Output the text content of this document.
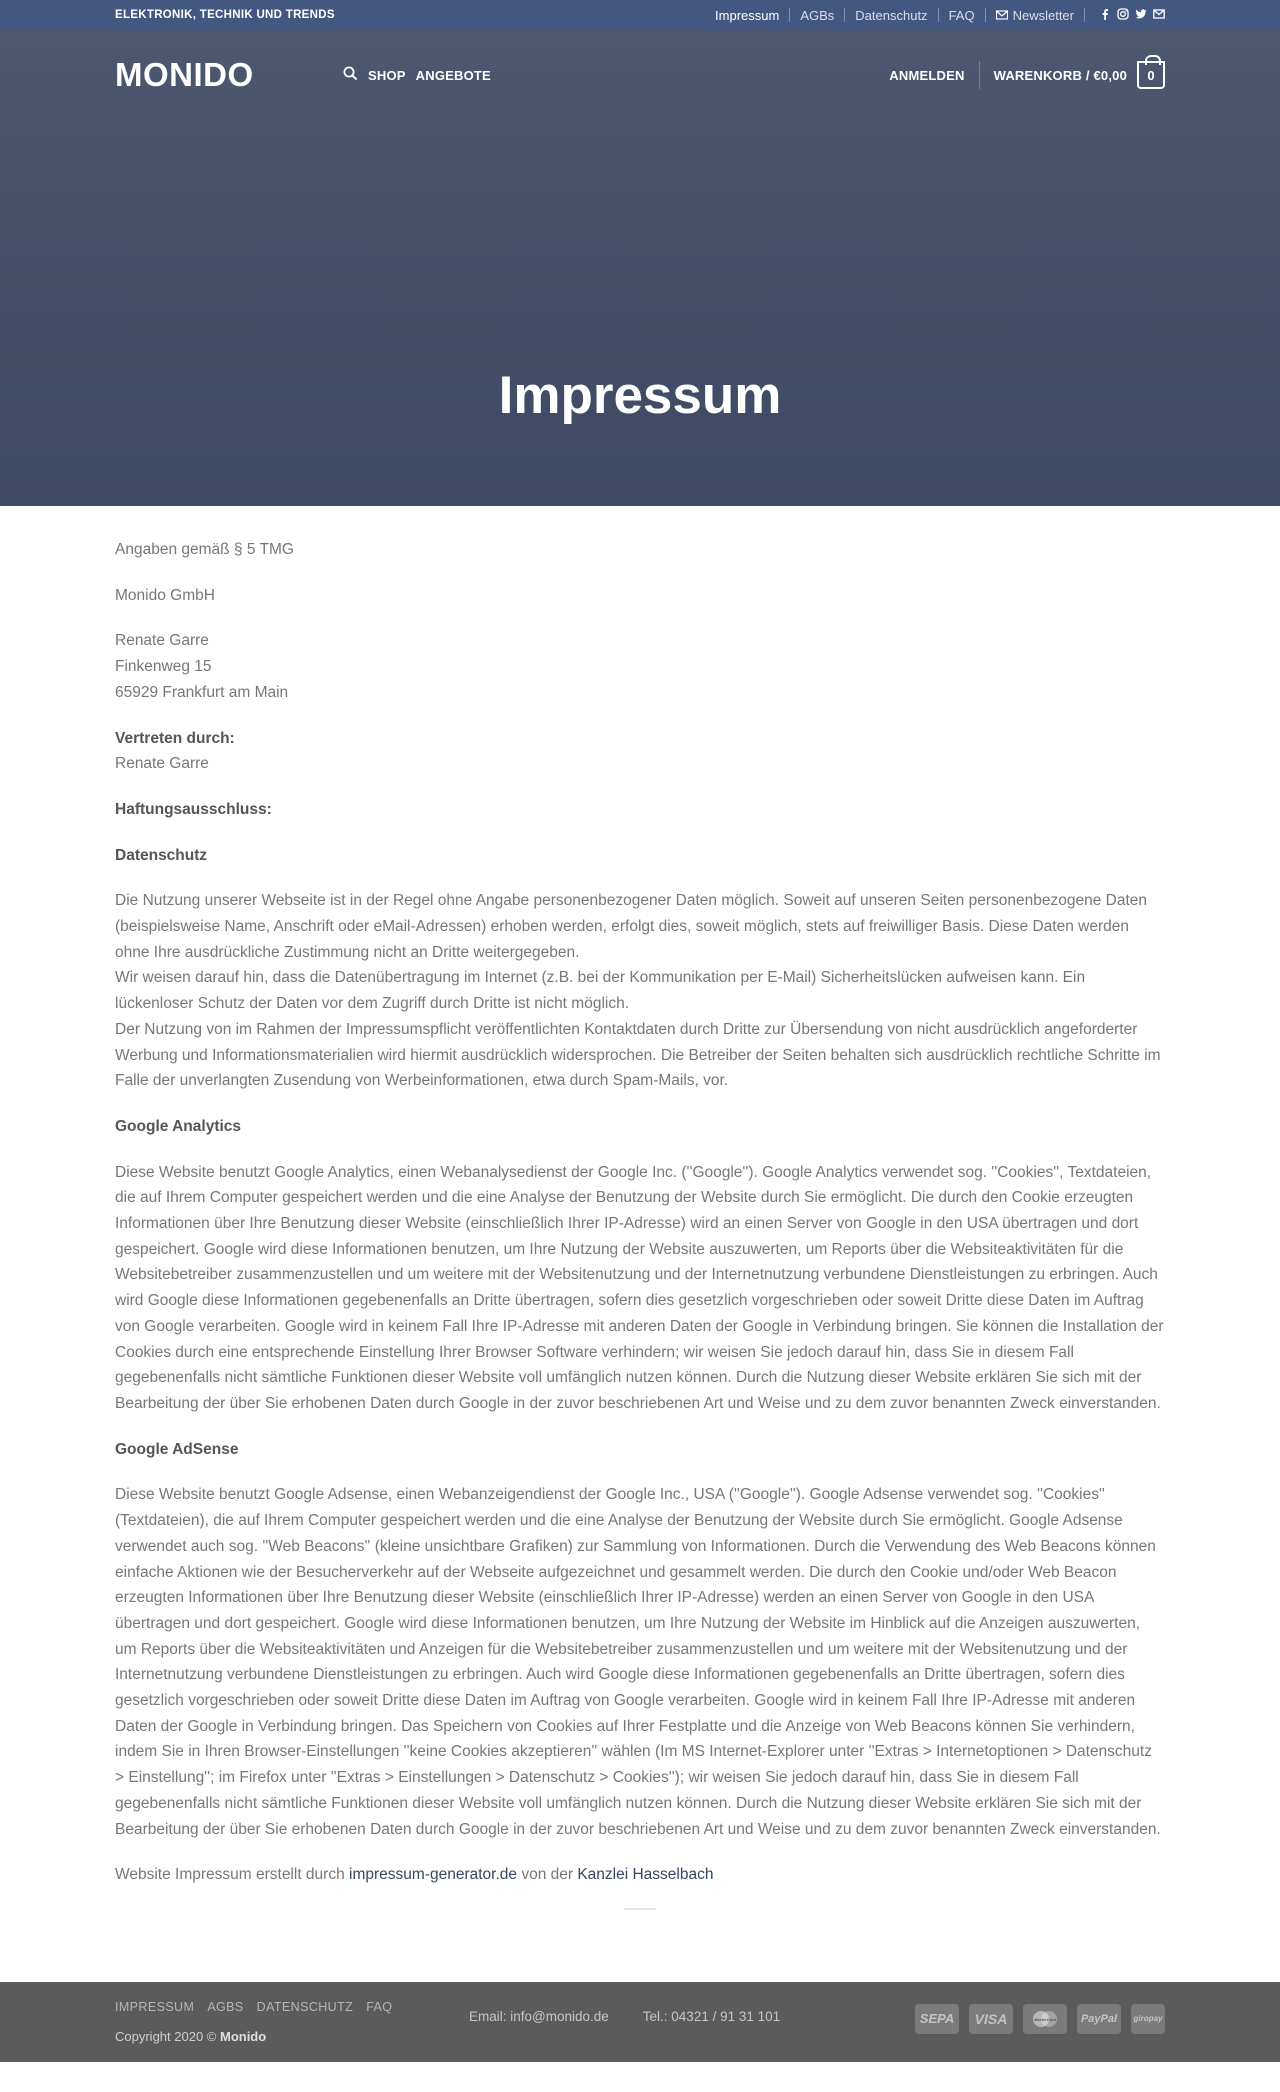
ELEKTRONIK, TECHNIK UND TRENDS	Impressum AGBs Datenschutz FAQ	Newsletter
MONIDO	SHOP ANGEBOTE	ANMELDEN WARENKORB / €0,00 0
Impressum

Angaben gemäß § 5 TMG

Monido GmbH

Renate Garre
Finkenweg 15
65929 Frankfurt am Main

Vertreten durch:
Renate Garre

Haftungsausschluss:

Datenschutz

Die Nutzung unserer Webseite ist in der Regel ohne Angabe personenbezogener Daten möglich. Soweit auf unseren Seiten personenbezogene Daten (beispielsweise Name, Anschrift oder eMail-Adressen) erhoben werden, erfolgt dies, soweit möglich, stets auf freiwilliger Basis. Diese Daten werden ohne Ihre ausdrückliche Zustimmung nicht an Dritte weitergegeben.
Wir weisen darauf hin, dass die Datenübertragung im Internet (z.B. bei der Kommunikation per E-Mail) Sicherheitslücken aufweisen kann. Ein lückenloser Schutz der Daten vor dem Zugriff durch Dritte ist nicht möglich.
Der Nutzung von im Rahmen der Impressumspflicht veröffentlichten Kontaktdaten durch Dritte zur Übersendung von nicht ausdrücklich angeforderter Werbung und Informationsmaterialien wird hiermit ausdrücklich widersprochen. Die Betreiber der Seiten behalten sich ausdrücklich rechtliche Schritte im Falle der unverlangten Zusendung von Werbeinformationen, etwa durch Spam-Mails, vor.

Google Analytics

Diese Website benutzt Google Analytics, einen Webanalysedienst der Google Inc. (''Google''). Google Analytics verwendet sog. ''Cookies'', Textdateien, die auf Ihrem Computer gespeichert werden und die eine Analyse der Benutzung der Website durch Sie ermöglicht. Die durch den Cookie erzeugten Informationen über Ihre Benutzung dieser Website (einschließlich Ihrer IP-Adresse) wird an einen Server von Google in den USA übertragen und dort gespeichert. Google wird diese Informationen benutzen, um Ihre Nutzung der Website auszuwerten, um Reports über die Websiteaktivitäten für die Websitebetreiber zusammenzustellen und um weitere mit der Websitenutzung und der Internetnutzung verbundene Dienstleistungen zu erbringen. Auch wird Google diese Informationen gegebenenfalls an Dritte übertragen, sofern dies gesetzlich vorgeschrieben oder soweit Dritte diese Daten im Auftrag von Google verarbeiten. Google wird in keinem Fall Ihre IP-Adresse mit anderen Daten der Google in Verbindung bringen. Sie können die Installation der Cookies durch eine entsprechende Einstellung Ihrer Browser Software verhindern; wir weisen Sie jedoch darauf hin, dass Sie in diesem Fall gegebenenfalls nicht sämtliche Funktionen dieser Website voll umfänglich nutzen können. Durch die Nutzung dieser Website erklären Sie sich mit der Bearbeitung der über Sie erhobenen Daten durch Google in der zuvor beschriebenen Art und Weise und zu dem zuvor benannten Zweck einverstanden.

Google AdSense

Diese Website benutzt Google Adsense, einen Webanzeigendienst der Google Inc., USA (''Google''). Google Adsense verwendet sog. ''Cookies'' (Textdateien), die auf Ihrem Computer gespeichert werden und die eine Analyse der Benutzung der Website durch Sie ermöglicht. Google Adsense verwendet auch sog. ''Web Beacons'' (kleine unsichtbare Grafiken) zur Sammlung von Informationen. Durch die Verwendung des Web Beacons können einfache Aktionen wie der Besucherverkehr auf der Webseite aufgezeichnet und gesammelt werden. Die durch den Cookie und/oder Web Beacon erzeugten Informationen über Ihre Benutzung dieser Website (einschließlich Ihrer IP-Adresse) werden an einen Server von Google in den USA übertragen und dort gespeichert. Google wird diese Informationen benutzen, um Ihre Nutzung der Website im Hinblick auf die Anzeigen auszuwerten, um Reports über die Websiteaktivitäten und Anzeigen für die Websitebetreiber zusammenzustellen und um weitere mit der Websitenutzung und der Internetnutzung verbundene Dienstleistungen zu erbringen. Auch wird Google diese Informationen gegebenenfalls an Dritte übertragen, sofern dies gesetzlich vorgeschrieben oder soweit Dritte diese Daten im Auftrag von Google verarbeiten. Google wird in keinem Fall Ihre IP-Adresse mit anderen Daten der Google in Verbindung bringen. Das Speichern von Cookies auf Ihrer Festplatte und die Anzeige von Web Beacons können Sie verhindern, indem Sie in Ihren Browser-Einstellungen ''keine Cookies akzeptieren'' wählen (Im MS Internet-Explorer unter ''Extras > Internetoptionen > Datenschutz > Einstellung''; im Firefox unter ''Extras > Einstellungen > Datenschutz > Cookies''); wir weisen Sie jedoch darauf hin, dass Sie in diesem Fall gegebenenfalls nicht sämtliche Funktionen dieser Website voll umfänglich nutzen können. Durch die Nutzung dieser Website erklären Sie sich mit der Bearbeitung der über Sie erhobenen Daten durch Google in der zuvor beschriebenen Art und Weise und zu dem zuvor benannten Zweck einverstanden.

Website Impressum erstellt durch impressum-generator.de von der Kanzlei Hasselbach

IMPRESSUM AGBS DATENSCHUTZ FAQ
Copyright 2020 © Monido
Email: info@monido.de	Tel.: 04321 / 91 31 101	SEPA VISA	MasterCard PayPal giropay
